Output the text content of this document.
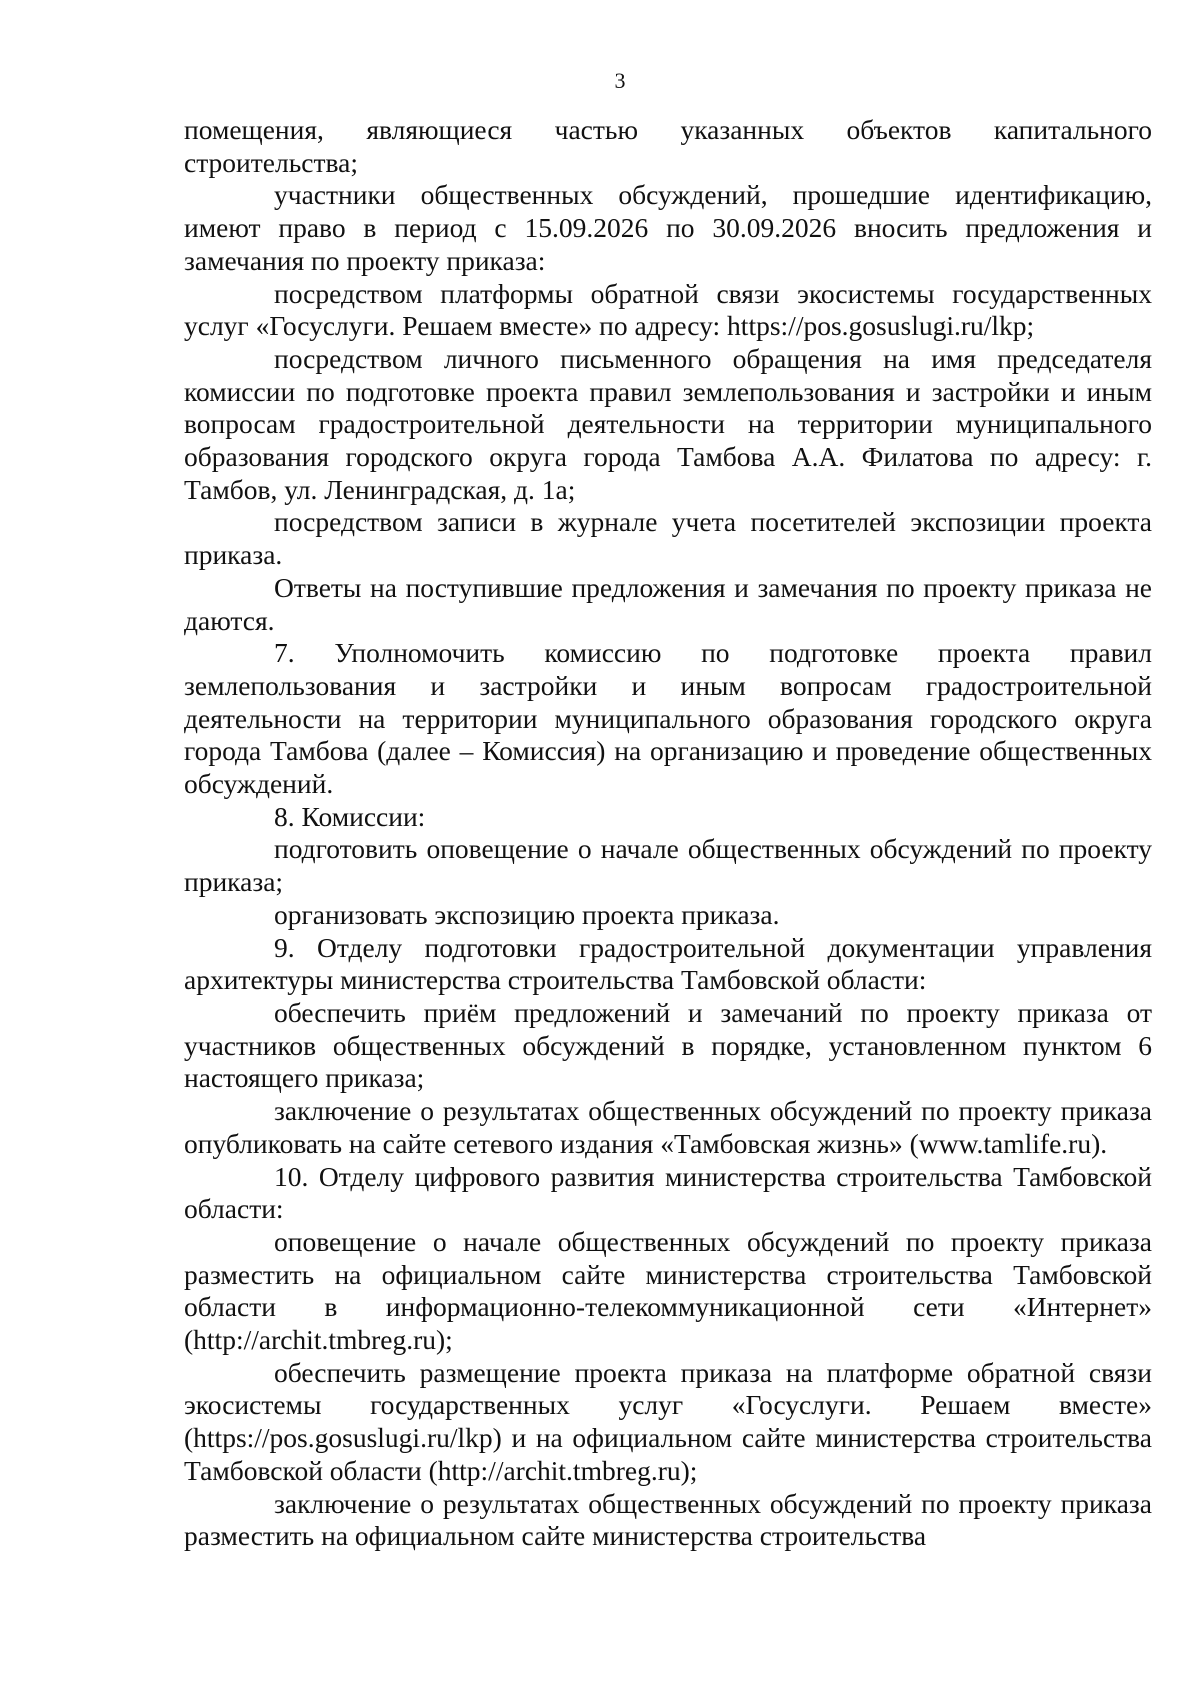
3

помещения, являющиеся частью указанных объектов капитального строительства;

участники общественных обсуждений, прошедшие идентификацию, имеют право в период с 15.09.2026 по 30.09.2026 вносить предложения и замечания по проекту приказа:

посредством платформы обратной связи экосистемы государственных услуг «Госуслуги. Решаем вместе» по адресу: https://pos.gosuslugi.ru/lkp;

посредством личного письменного обращения на имя председателя комиссии по подготовке проекта правил землепользования и застройки и иным вопросам градостроительной деятельности на территории муниципального образования городского округа города Тамбова А.А. Филатова по адресу: г. Тамбов, ул. Ленинградская, д. 1а;

посредством записи в журнале учета посетителей экспозиции проекта приказа.

Ответы на поступившие предложения и замечания по проекту приказа не даются.

7. Уполномочить комиссию по подготовке проекта правил землепользования и застройки и иным вопросам градостроительной деятельности на территории муниципального образования городского округа города Тамбова (далее – Комиссия) на организацию и проведение общественных обсуждений.

8. Комиссии:

подготовить оповещение о начале общественных обсуждений по проекту приказа;

организовать экспозицию проекта приказа.

9. Отделу подготовки градостроительной документации управления архитектуры министерства строительства Тамбовской области:

обеспечить приём предложений и замечаний по проекту приказа от участников общественных обсуждений в порядке, установленном пунктом 6 настоящего приказа;

заключение о результатах общественных обсуждений по проекту приказа опубликовать на сайте сетевого издания «Тамбовская жизнь» (www.tamlife.ru).

10. Отделу цифрового развития министерства строительства Тамбовской области:

оповещение о начале общественных обсуждений по проекту приказа разместить на официальном сайте министерства строительства Тамбовской области в информационно-телекоммуникационной сети «Интернет» (http://archit.tmbreg.ru);

обеспечить размещение проекта приказа на платформе обратной связи экосистемы государственных услуг «Госуслуги. Решаем вместе» (https://pos.gosuslugi.ru/lkp) и на официальном сайте министерства строительства Тамбовской области (http://archit.tmbreg.ru);

заключение о результатах общественных обсуждений по проекту приказа разместить на официальном сайте министерства строительства
